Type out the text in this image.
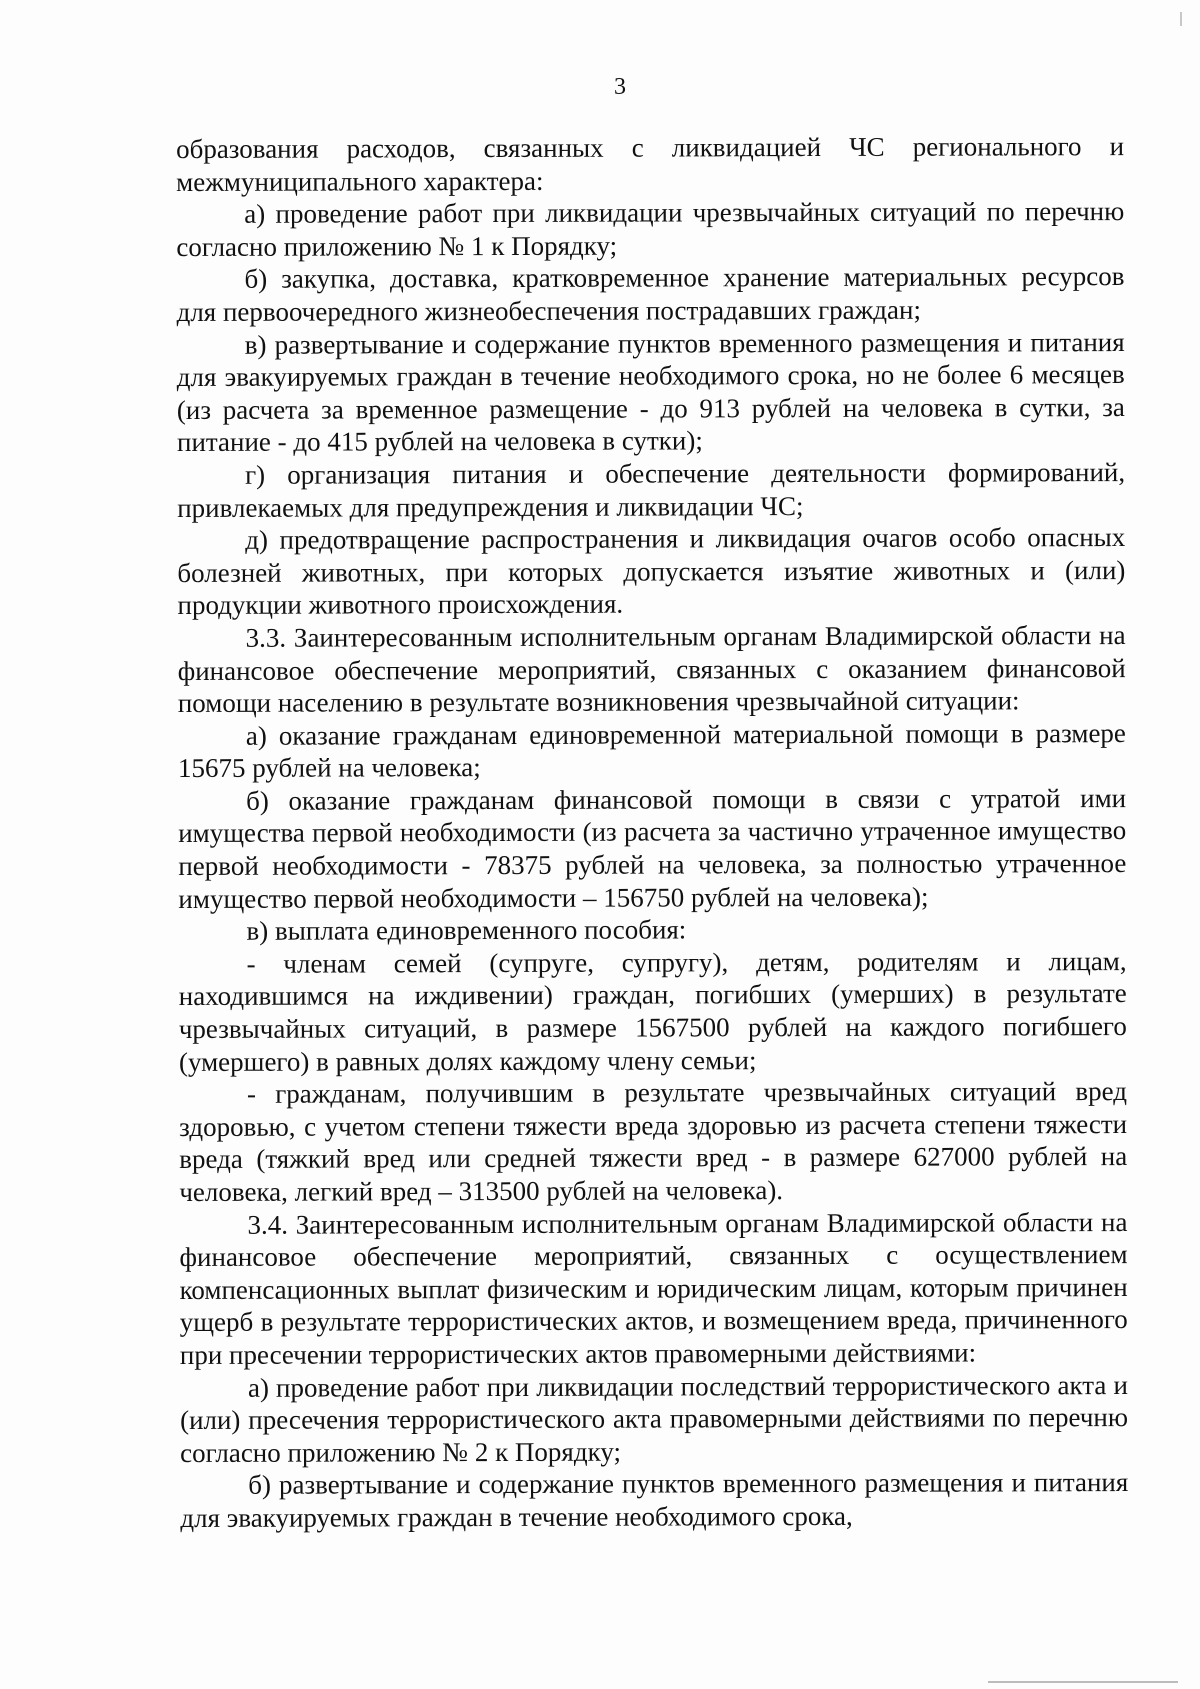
3

образования расходов, связанных с ликвидацией ЧС регионального и межмуниципального характера:

а) проведение работ при ликвидации чрезвычайных ситуаций по перечню согласно приложению № 1 к Порядку;

б) закупка, доставка, кратковременное хранение материальных ресурсов для первоочередного жизнеобеспечения пострадавших граждан;

в) развертывание и содержание пунктов временного размещения и питания для эвакуируемых граждан в течение необходимого срока, но не более 6 месяцев (из расчета за временное размещение - до 913 рублей на человека в сутки, за питание - до 415 рублей на человека в сутки);

г) организация питания и обеспечение деятельности формирований, привлекаемых для предупреждения и ликвидации ЧС;

д) предотвращение распространения и ликвидация очагов особо опасных болезней животных, при которых допускается изъятие животных и (или) продукции животного происхождения.

3.3. Заинтересованным исполнительным органам Владимирской области на финансовое обеспечение мероприятий, связанных с оказанием финансовой помощи населению в результате возникновения чрезвычайной ситуации:

а) оказание гражданам единовременной материальной помощи в размере 15675 рублей на человека;

б) оказание гражданам финансовой помощи в связи с утратой ими имущества первой необходимости (из расчета за частично утраченное имущество первой необходимости - 78375 рублей на человека, за полностью утраченное имущество первой необходимости – 156750 рублей на человека);

в) выплата единовременного пособия:

- членам семей (супруге, супругу), детям, родителям и лицам, находившимся на иждивении) граждан, погибших (умерших) в результате чрезвычайных ситуаций, в размере 1567500 рублей на каждого погибшего (умершего) в равных долях каждому члену семьи;

- гражданам, получившим в результате чрезвычайных ситуаций вред здоровью, с учетом степени тяжести вреда здоровью из расчета степени тяжести вреда (тяжкий вред или средней тяжести вред - в размере 627000 рублей на человека, легкий вред – 313500 рублей на человека).

3.4. Заинтересованным исполнительным органам Владимирской области на финансовое обеспечение мероприятий, связанных с осуществлением компенсационных выплат физическим и юридическим лицам, которым причинен ущерб в результате террористических актов, и возмещением вреда, причиненного при пресечении террористических актов правомерными действиями:

а) проведение работ при ликвидации последствий террористического акта и (или) пресечения террористического акта правомерными действиями по перечню согласно приложению № 2 к Порядку;

б) развертывание и содержание пунктов временного размещения и питания для эвакуируемых граждан в течение необходимого срока,
